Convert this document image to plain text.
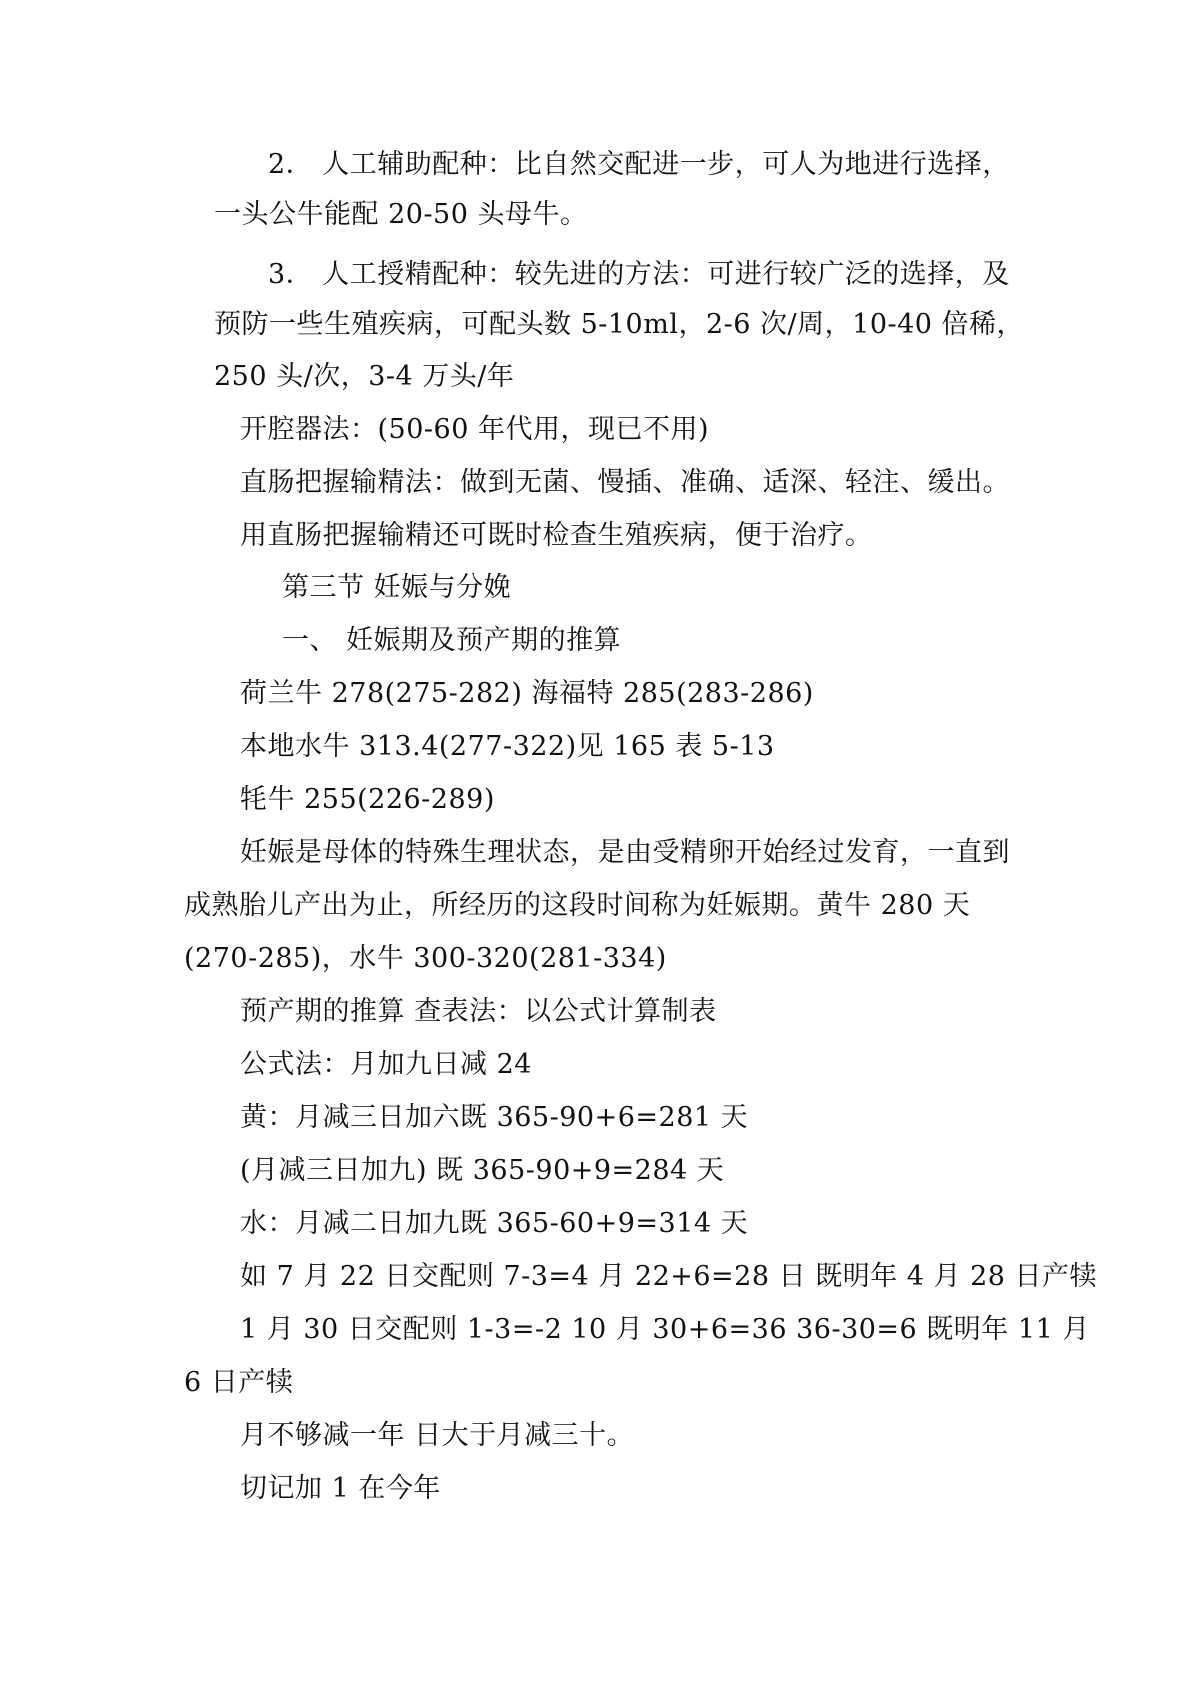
2． 人工辅助配种：比自然交配进一步，可人为地进行选择，

一头公牛能配 20-50 头母牛。

3． 人工授精配种：较先进的方法：可进行较广泛的选择，及

预防一些生殖疾病，可配头数 5-10ml，2-6 次/周，10-40 倍稀，

250 头/次，3-4 万头/年

开腔器法：(50-60 年代用，现已不用)

直肠把握输精法：做到无菌、慢插、准确、适深、轻注、缓出。

用直肠把握输精还可既时检查生殖疾病，便于治疗。

第三节 妊娠与分娩

一、 妊娠期及预产期的推算

荷兰牛 278(275-282) 海福特 285(283-286)

本地水牛 313.4(277-322)见 165 表 5-13

牦牛 255(226-289)

妊娠是母体的特殊生理状态，是由受精卵开始经过发育，一直到

成熟胎儿产出为止，所经历的这段时间称为妊娠期。黄牛 280 天

(270-285)，水牛 300-320(281-334)

预产期的推算 查表法：以公式计算制表

公式法：月加九日减 24

黄：月减三日加六既 365-90+6=281 天

(月减三日加九) 既 365-90+9=284 天

水：月减二日加九既 365-60+9=314 天

如 7 月 22 日交配则 7-3=4 月 22+6=28 日 既明年 4 月 28 日产犊

1 月 30 日交配则 1-3=-2 10 月 30+6=36 36-30=6 既明年 11 月

6 日产犊

月不够减一年 日大于月减三十。

切记加 1 在今年
